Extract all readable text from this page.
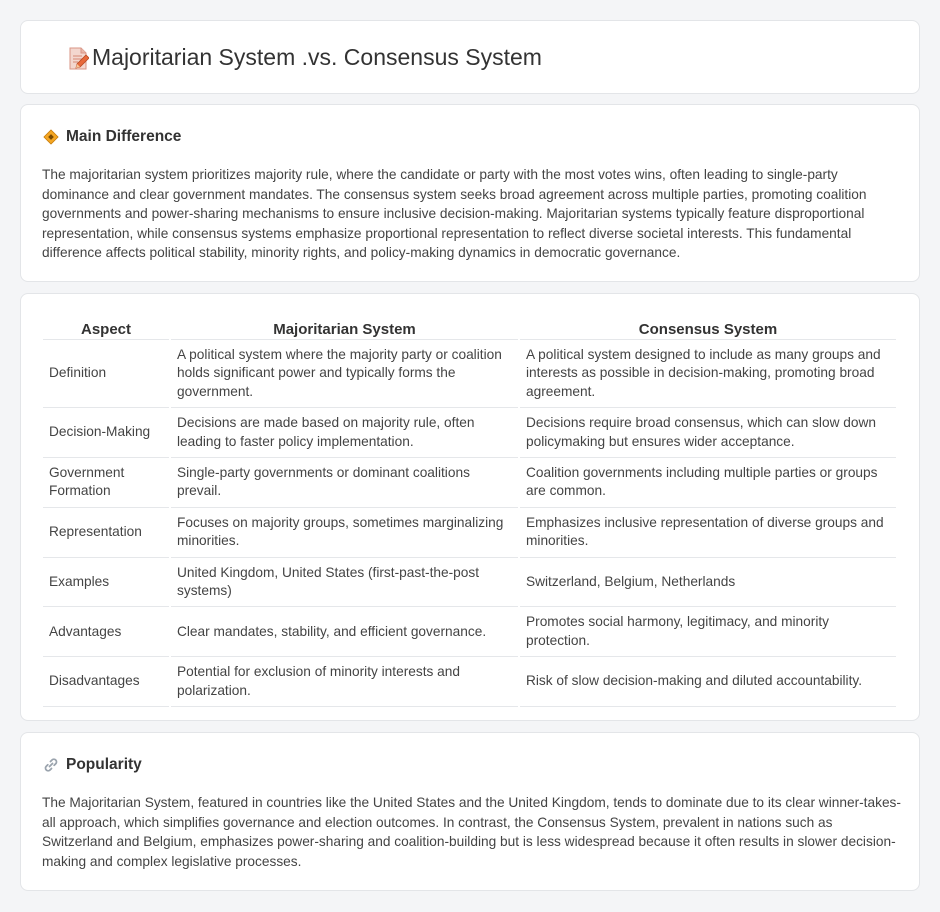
Majoritarian System .vs. Consensus System
Main Difference

The majoritarian system prioritizes majority rule, where the candidate or party with the most votes wins, often leading to single-party dominance and clear government mandates. The consensus system seeks broad agreement across multiple parties, promoting coalition governments and power-sharing mechanisms to ensure inclusive decision-making. Majoritarian systems typically feature disproportional representation, while consensus systems emphasize proportional representation to reflect diverse societal interests. This fundamental difference affects political stability, minority rights, and policy-making dynamics in democratic governance.

Aspect	Majoritarian System	Consensus System
Definition	A political system where the majority party or coalition holds significant power and typically forms the government.	A political system designed to include as many groups and interests as possible in decision-making, promoting broad agreement.
Decision-Making	Decisions are made based on majority rule, often leading to faster policy implementation.	Decisions require broad consensus, which can slow down policymaking but ensures wider acceptance.
Government Formation	Single-party governments or dominant coalitions prevail.	Coalition governments including multiple parties or groups are common.
Representation	Focuses on majority groups, sometimes marginalizing minorities.	Emphasizes inclusive representation of diverse groups and minorities.
Examples	United Kingdom, United States (first-past-the-post systems)	Switzerland, Belgium, Netherlands
Advantages	Clear mandates, stability, and efficient governance.	Promotes social harmony, legitimacy, and minority protection.
Disadvantages	Potential for exclusion of minority interests and polarization.	Risk of slow decision-making and diluted accountability.
Popularity

The Majoritarian System, featured in countries like the United States and the United Kingdom, tends to dominate due to its clear winner-takes-all approach, which simplifies governance and election outcomes. In contrast, the Consensus System, prevalent in nations such as Switzerland and Belgium, emphasizes power-sharing and coalition-building but is less widespread because it often results in slower decision-making and complex legislative processes.
